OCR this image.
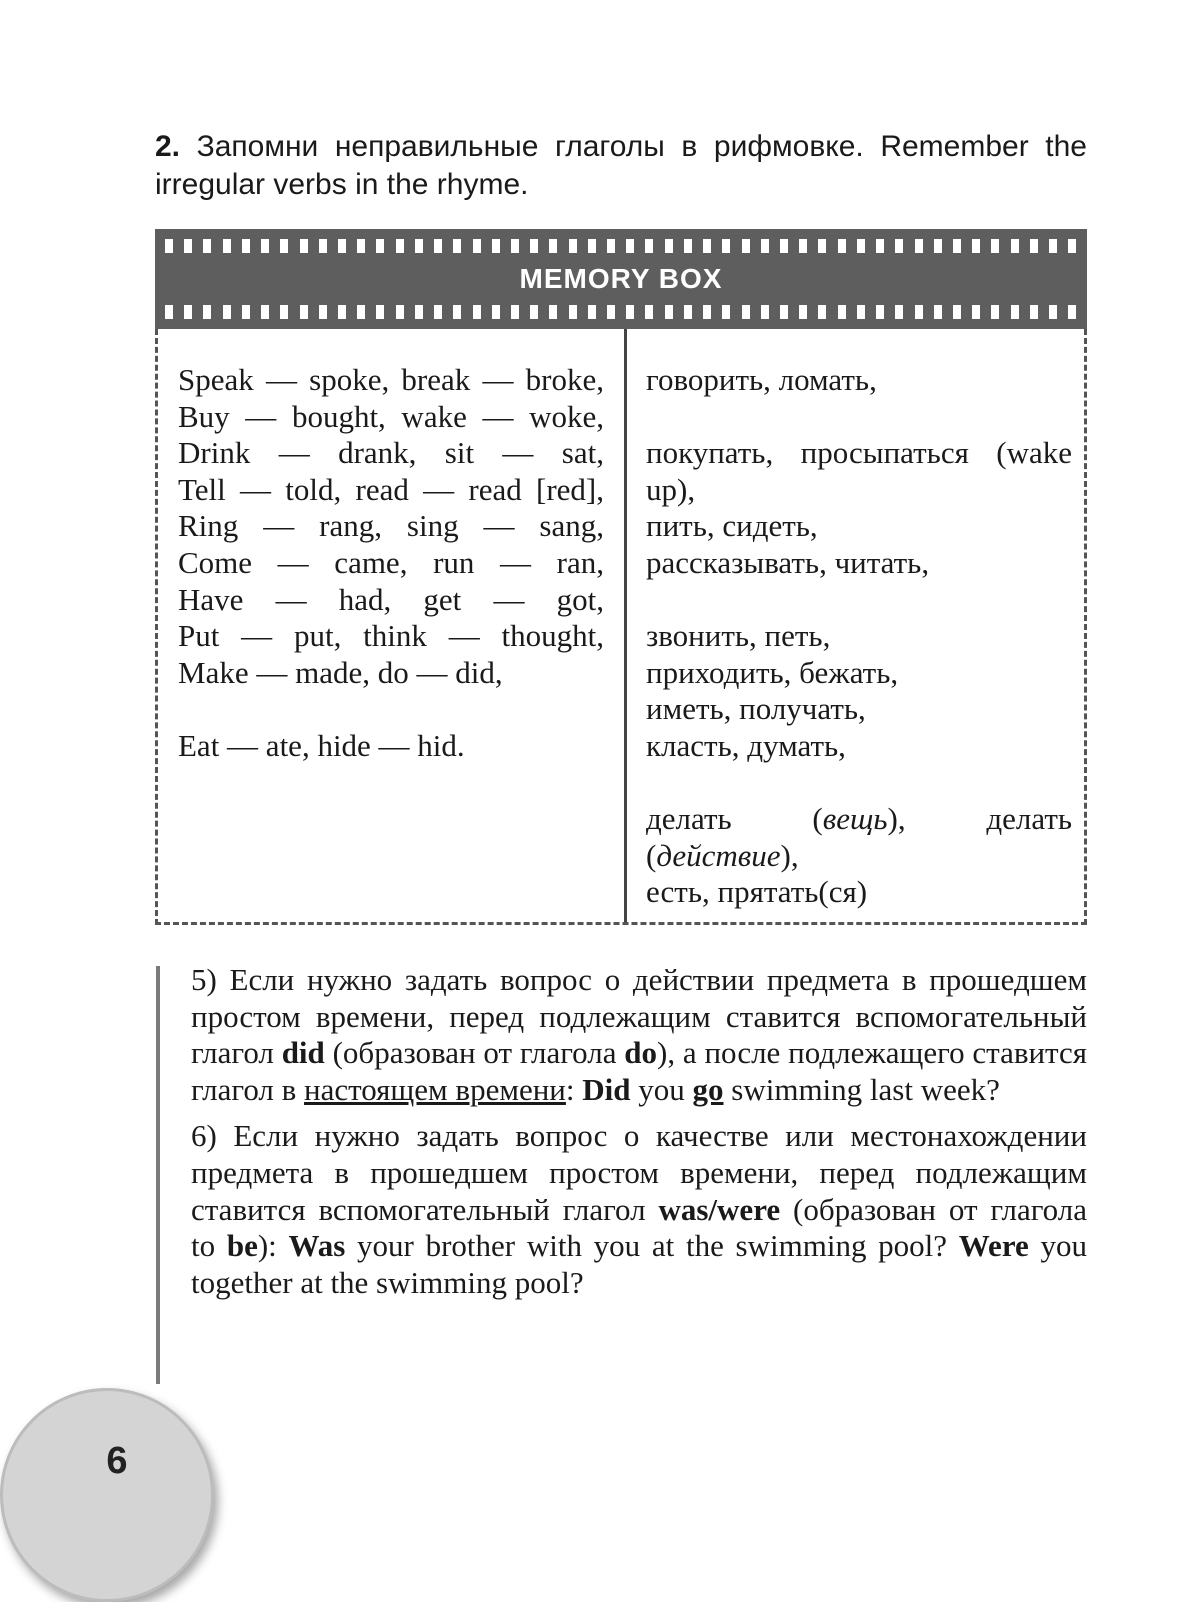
2. Запомни неправильные глаголы в рифмовке. Remember the irregular verbs in the rhyme.
MEMORY BOX
Speak — spoke, break — broke,
Buy — bought, wake — woke,
Drink — drank, sit — sat,
Tell — told, read — read [red],
Ring — rang, sing — sang,
Come — came, run — ran,
Have — had, get — got,
Put — put, think — thought,
Make — made, do — did,
Eat — ate, hide — hid.
говорить, ломать,
покупать, просыпаться (wake up),
пить, сидеть,
рассказывать, читать,
звонить, петь,
приходить, бежать,
иметь, получать,
класть, думать,
делать (вещь), делать (действие),
есть, прятать(ся)

5) Если нужно задать вопрос о действии предмета в прошедшем простом времени, перед подлежащим ставится вспомогательный глагол did (образован от глагола do), а после подлежащего ставится глагол в настоящем времени: Did you go swimming last week?

6) Если нужно задать вопрос о качестве или местонахождении предмета в прошедшем простом времени, перед подлежащим ставится вспомогательный глагол was/were (образован от глагола to be): Was your brother with you at the swimming pool? Were you together at the swimming pool?

6
